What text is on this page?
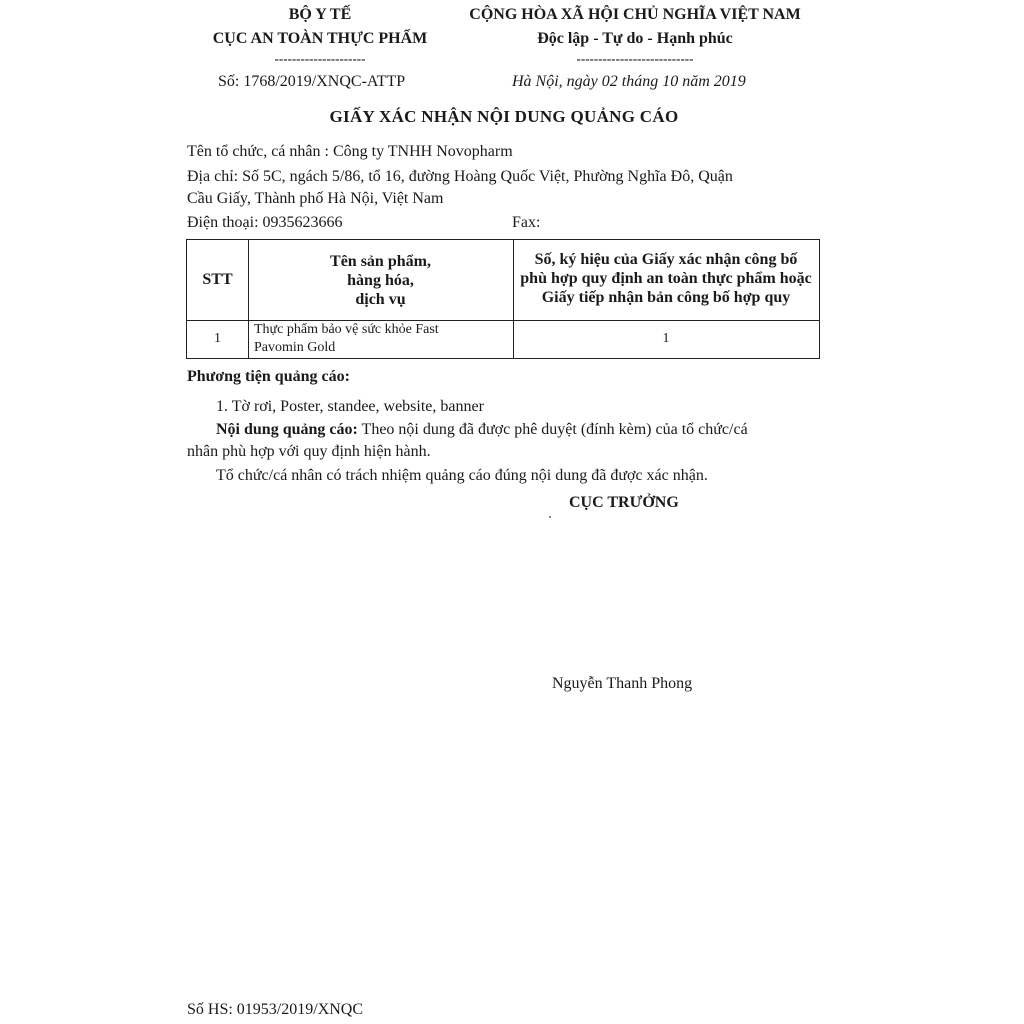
BỘ Y TẾ
CỤC AN TOÀN THỰC PHẨM
---------------------
Số: 1768/2019/XNQC-ATTP
CỘNG HÒA XÃ HỘI CHỦ NGHĨA VIỆT NAM
Độc lập - Tự do - Hạnh phúc
---------------------------
Hà Nội, ngày 02 tháng 10 năm 2019
GIẤY XÁC NHẬN NỘI DUNG QUẢNG CÁO
Tên tổ chức, cá nhân : Công ty TNHH Novopharm
Địa chỉ: Số 5C, ngách 5/86, tổ 16, đường Hoàng Quốc Việt, Phường Nghĩa Đô, Quận
Cầu Giấy, Thành phố Hà Nội, Việt Nam
Điện thoại: 0935623666	Fax:
STT
Tên sản phẩm,
hàng hóa,
dịch vụ
Số, ký hiệu của Giấy xác nhận công bố
phù hợp quy định an toàn thực phẩm hoặc
Giấy tiếp nhận bản công bố hợp quy
1
Thực phẩm bảo vệ sức khỏe Fast
Pavomin Gold
1
Phương tiện quảng cáo:
1. Tờ rơi, Poster, standee, website, banner
Nội dung quảng cáo: Theo nội dung đã được phê duyệt (đính kèm) của tổ chức/cá
nhân phù hợp với quy định hiện hành.
Tổ chức/cá nhân có trách nhiệm quảng cáo đúng nội dung đã được xác nhận.
CỤC TRƯỞNG
Nguyễn Thanh Phong
Số HS: 01953/2019/XNQC
